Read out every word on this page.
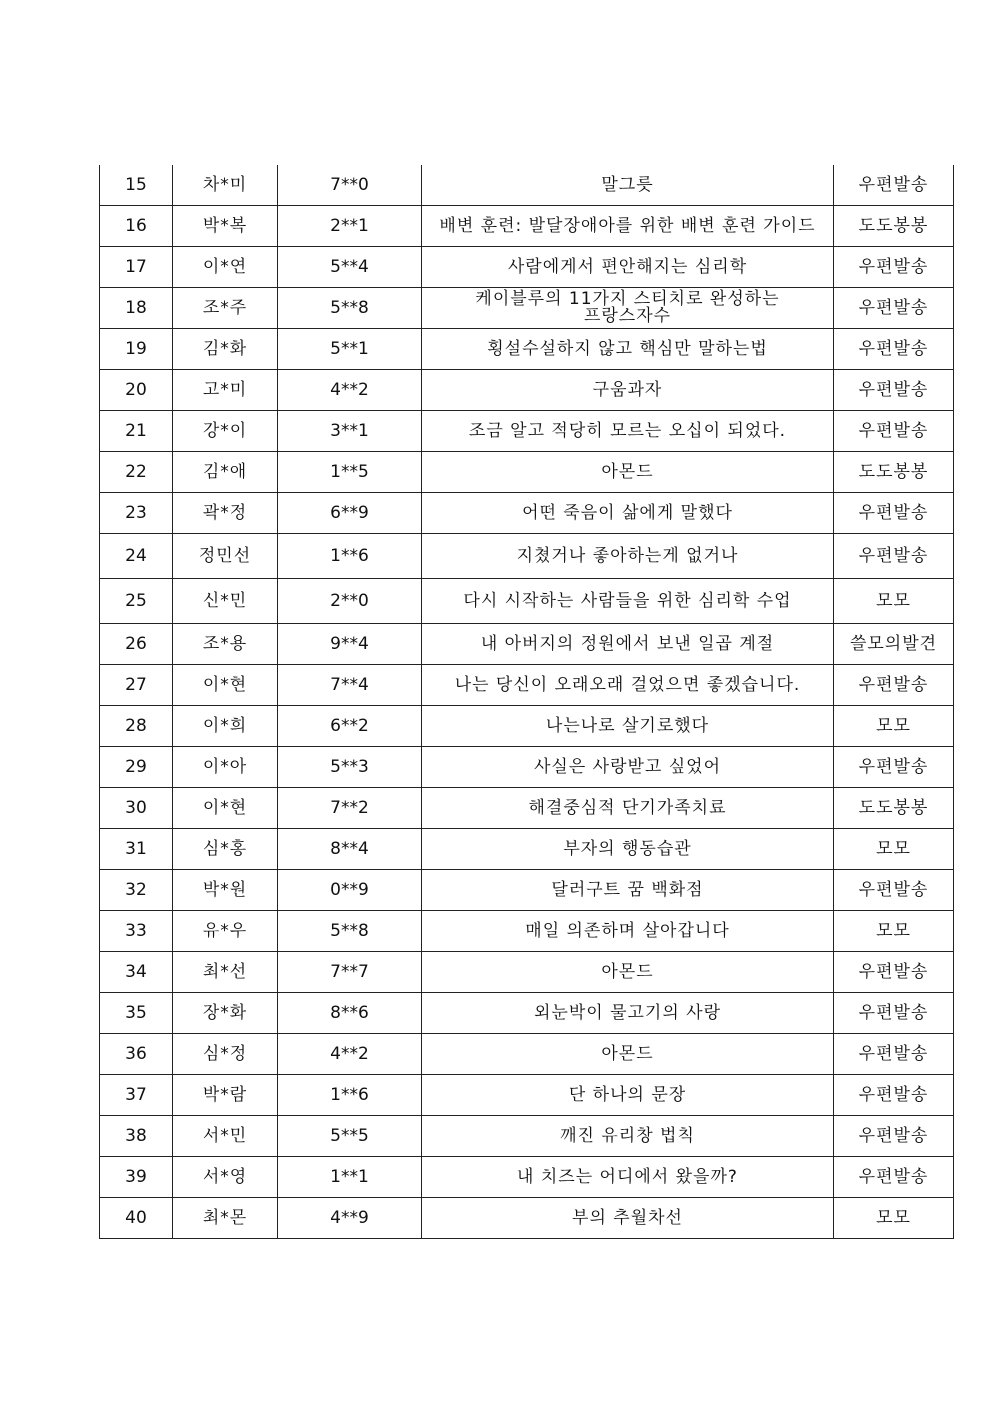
15	차*미	7**0	말그릇	우편발송
16	박*복	2**1	배변 훈련: 발달장애아를 위한 배변 훈련 가이드	도도봉봉
17	이*연	5**4	사람에게서 편안해지는 심리학	우편발송
18	조*주	5**8	케이블루의 11가지 스티치로 완성하는 프랑스자수	우편발송
19	김*화	5**1	횡설수설하지 않고 핵심만 말하는법	우편발송
20	고*미	4**2	구움과자	우편발송
21	강*이	3**1	조금 알고 적당히 모르는 오십이 되었다.	우편발송
22	김*애	1**5	아몬드	도도봉봉
23	곽*정	6**9	어떤 죽음이 삶에게 말했다	우편발송
24	정민선	1**6	지쳤거나 좋아하는게 없거나	우편발송
25	신*민	2**0	다시 시작하는 사람들을 위한 심리학 수업	모모
26	조*용	9**4	내 아버지의 정원에서 보낸 일곱 계절	쓸모의발견
27	이*현	7**4	나는 당신이 오래오래 걸었으면 좋겠습니다.	우편발송
28	이*희	6**2	나는나로 살기로했다	모모
29	이*아	5**3	사실은 사랑받고 싶었어	우편발송
30	이*현	7**2	해결중심적 단기가족치료	도도봉봉
31	심*홍	8**4	부자의 행동습관	모모
32	박*원	0**9	달러구트 꿈 백화점	우편발송
33	유*우	5**8	매일 의존하며 살아갑니다	모모
34	최*선	7**7	아몬드	우편발송
35	장*화	8**6	외눈박이 물고기의 사랑	우편발송
36	심*정	4**2	아몬드	우편발송
37	박*람	1**6	단 하나의 문장	우편발송
38	서*민	5**5	깨진 유리창 법칙	우편발송
39	서*영	1**1	내 치즈는 어디에서 왔을까?	우편발송
40	최*몬	4**9	부의 추월차선	모모
